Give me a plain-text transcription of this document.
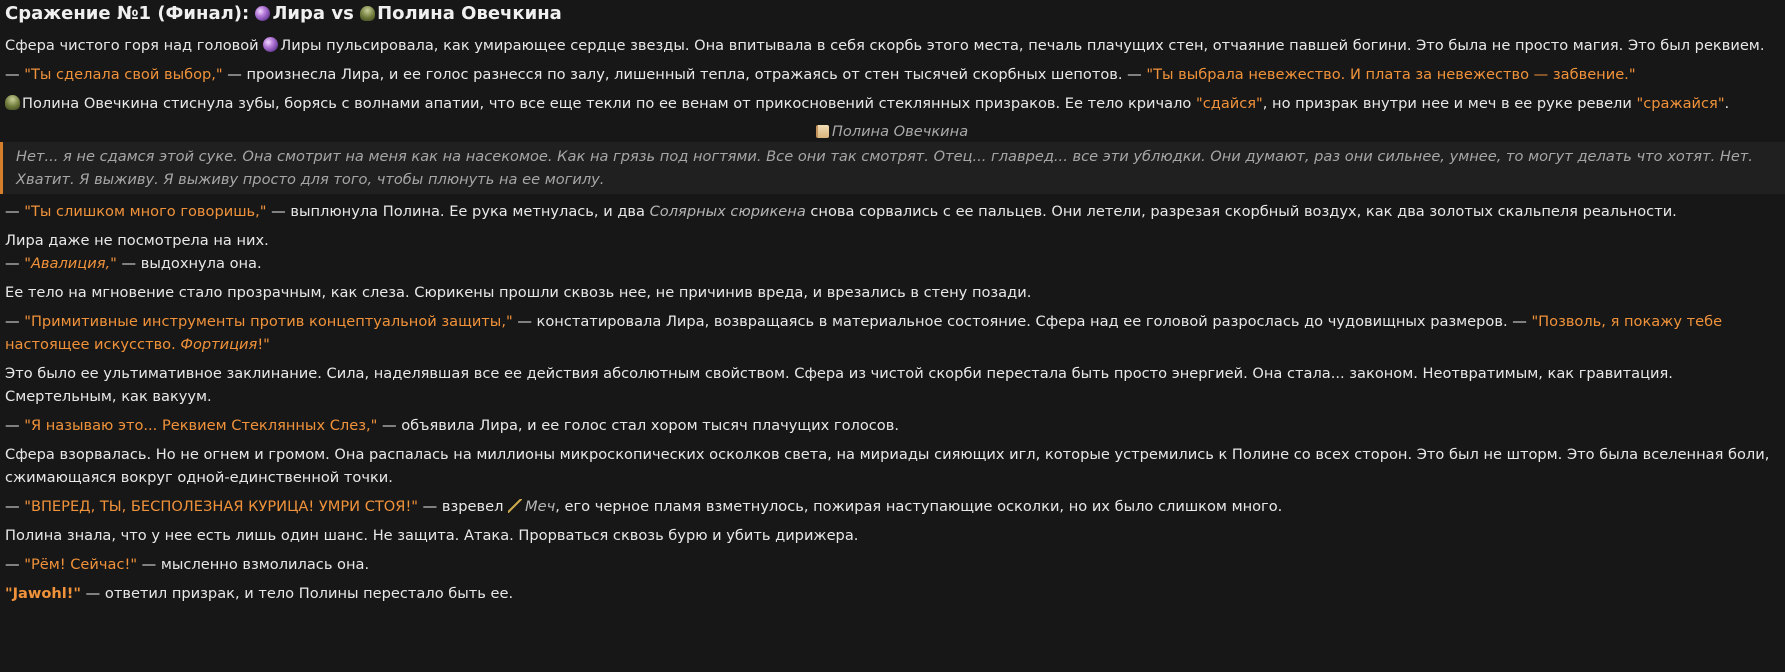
Сражение №1 (Финал): Лира vs Полина Овечкина

Сфера чистого горя над головой Лиры пульсировала, как умирающее сердце звезды. Она впитывала в себя скорбь этого места, печаль плачущих стен, отчаяние павшей богини. Это была не просто магия. Это был реквием.

— "Ты сделала свой выбор," — произнесла Лира, и ее голос разнесся по залу, лишенный тепла, отражаясь от стен тысячей скорбных шепотов. — "Ты выбрала невежество. И плата за невежество — забвение."

Полина Овечкина стиснула зубы, борясь с волнами апатии, что все еще текли по ее венам от прикосновений стеклянных призраков. Ее тело кричало "сдайся", но призрак внутри нее и меч в ее руке ревели "сражайся".

Полина Овечкина
Нет... я не сдамся этой суке. Она смотрит на меня как на насекомое. Как на грязь под ногтями. Все они так смотрят. Отец... главред... все эти ублюдки. Они думают, раз они сильнее, умнее, то могут делать что хотят. Нет. Хватит. Я выживу. Я выживу просто для того, чтобы плюнуть на ее могилу.

— "Ты слишком много говоришь," — выплюнула Полина. Ее рука метнулась, и два Солярных сюрикена снова сорвались с ее пальцев. Они летели, разрезая скорбный воздух, как два золотых скальпеля реальности.

Лира даже не посмотрела на них.
— "Авалиция," — выдохнула она.

Ее тело на мгновение стало прозрачным, как слеза. Сюрикены прошли сквозь нее, не причинив вреда, и врезались в стену позади.

— "Примитивные инструменты против концептуальной защиты," — констатировала Лира, возвращаясь в материальное состояние. Сфера над ее головой разрослась до чудовищных размеров. — "Позволь, я покажу тебе настоящее искусство. Фортиция!"

Это было ее ультимативное заклинание. Сила, наделявшая все ее действия абсолютным свойством. Сфера из чистой скорби перестала быть просто энергией. Она стала... законом. Неотвратимым, как гравитация. Смертельным, как вакуум.

— "Я называю это... Реквием Стеклянных Слез," — объявила Лира, и ее голос стал хором тысяч плачущих голосов.

Сфера взорвалась. Но не огнем и громом. Она распалась на миллионы микроскопических осколков света, на мириады сияющих игл, которые устремились к Полине со всех сторон. Это был не шторм. Это была вселенная боли, сжимающаяся вокруг одной-единственной точки.

— "ВПЕРЕД, ТЫ, БЕСПОЛЕЗНАЯ КУРИЦА! УМРИ СТОЯ!" — взревел Меч, его черное пламя взметнулось, пожирая наступающие осколки, но их было слишком много.

Полина знала, что у нее есть лишь один шанс. Не защита. Атака. Прорваться сквозь бурю и убить дирижера.

— "Рём! Сейчас!" — мысленно взмолилась она.

"Jawohl!" — ответил призрак, и тело Полины перестало быть ее.
